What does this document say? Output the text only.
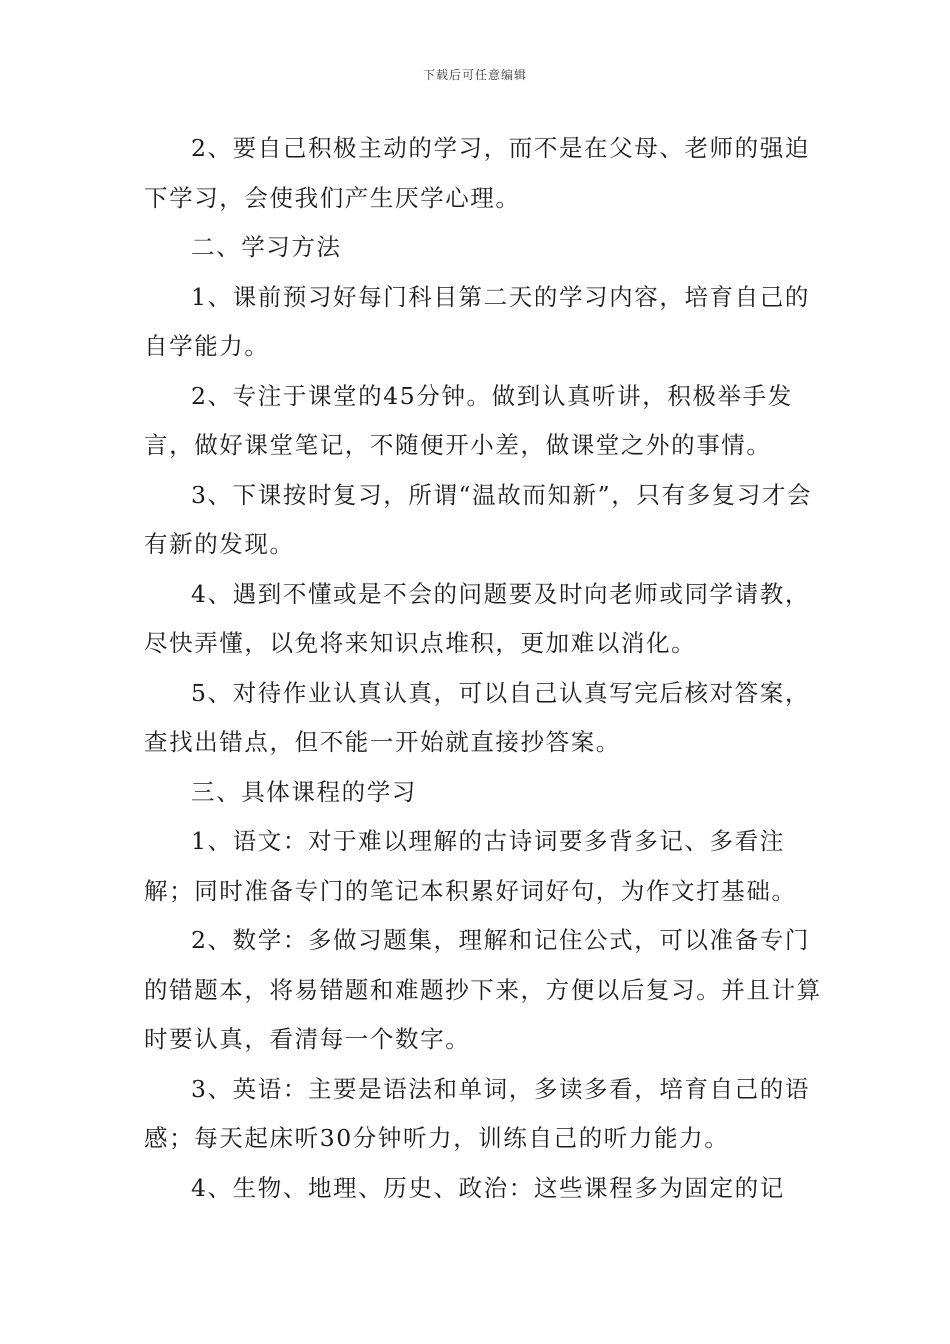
下载后可任意编辑

2、要自己积极主动的学习，而不是在父母、老师的强迫下学习，会使我们产生厌学心理。

二、学习方法

1、课前预习好每门科目第二天的学习内容，培育自己的自学能力。

2、专注于课堂的45分钟。做到认真听讲，积极举手发言，做好课堂笔记，不随便开小差，做课堂之外的事情。

3、下课按时复习，所谓“温故而知新”，只有多复习才会有新的发现。

4、遇到不懂或是不会的问题要及时向老师或同学请教，尽快弄懂，以免将来知识点堆积，更加难以消化。

5、对待作业认真认真，可以自己认真写完后核对答案，查找出错点，但不能一开始就直接抄答案。

三、具体课程的学习

1、语文：对于难以理解的古诗词要多背多记、多看注解；同时准备专门的笔记本积累好词好句，为作文打基础。

2、数学：多做习题集，理解和记住公式，可以准备专门的错题本，将易错题和难题抄下来，方便以后复习。并且计算时要认真，看清每一个数字。

3、英语：主要是语法和单词，多读多看，培育自己的语感；每天起床听30分钟听力，训练自己的听力能力。

4、生物、地理、历史、政治：这些课程多为固定的记
